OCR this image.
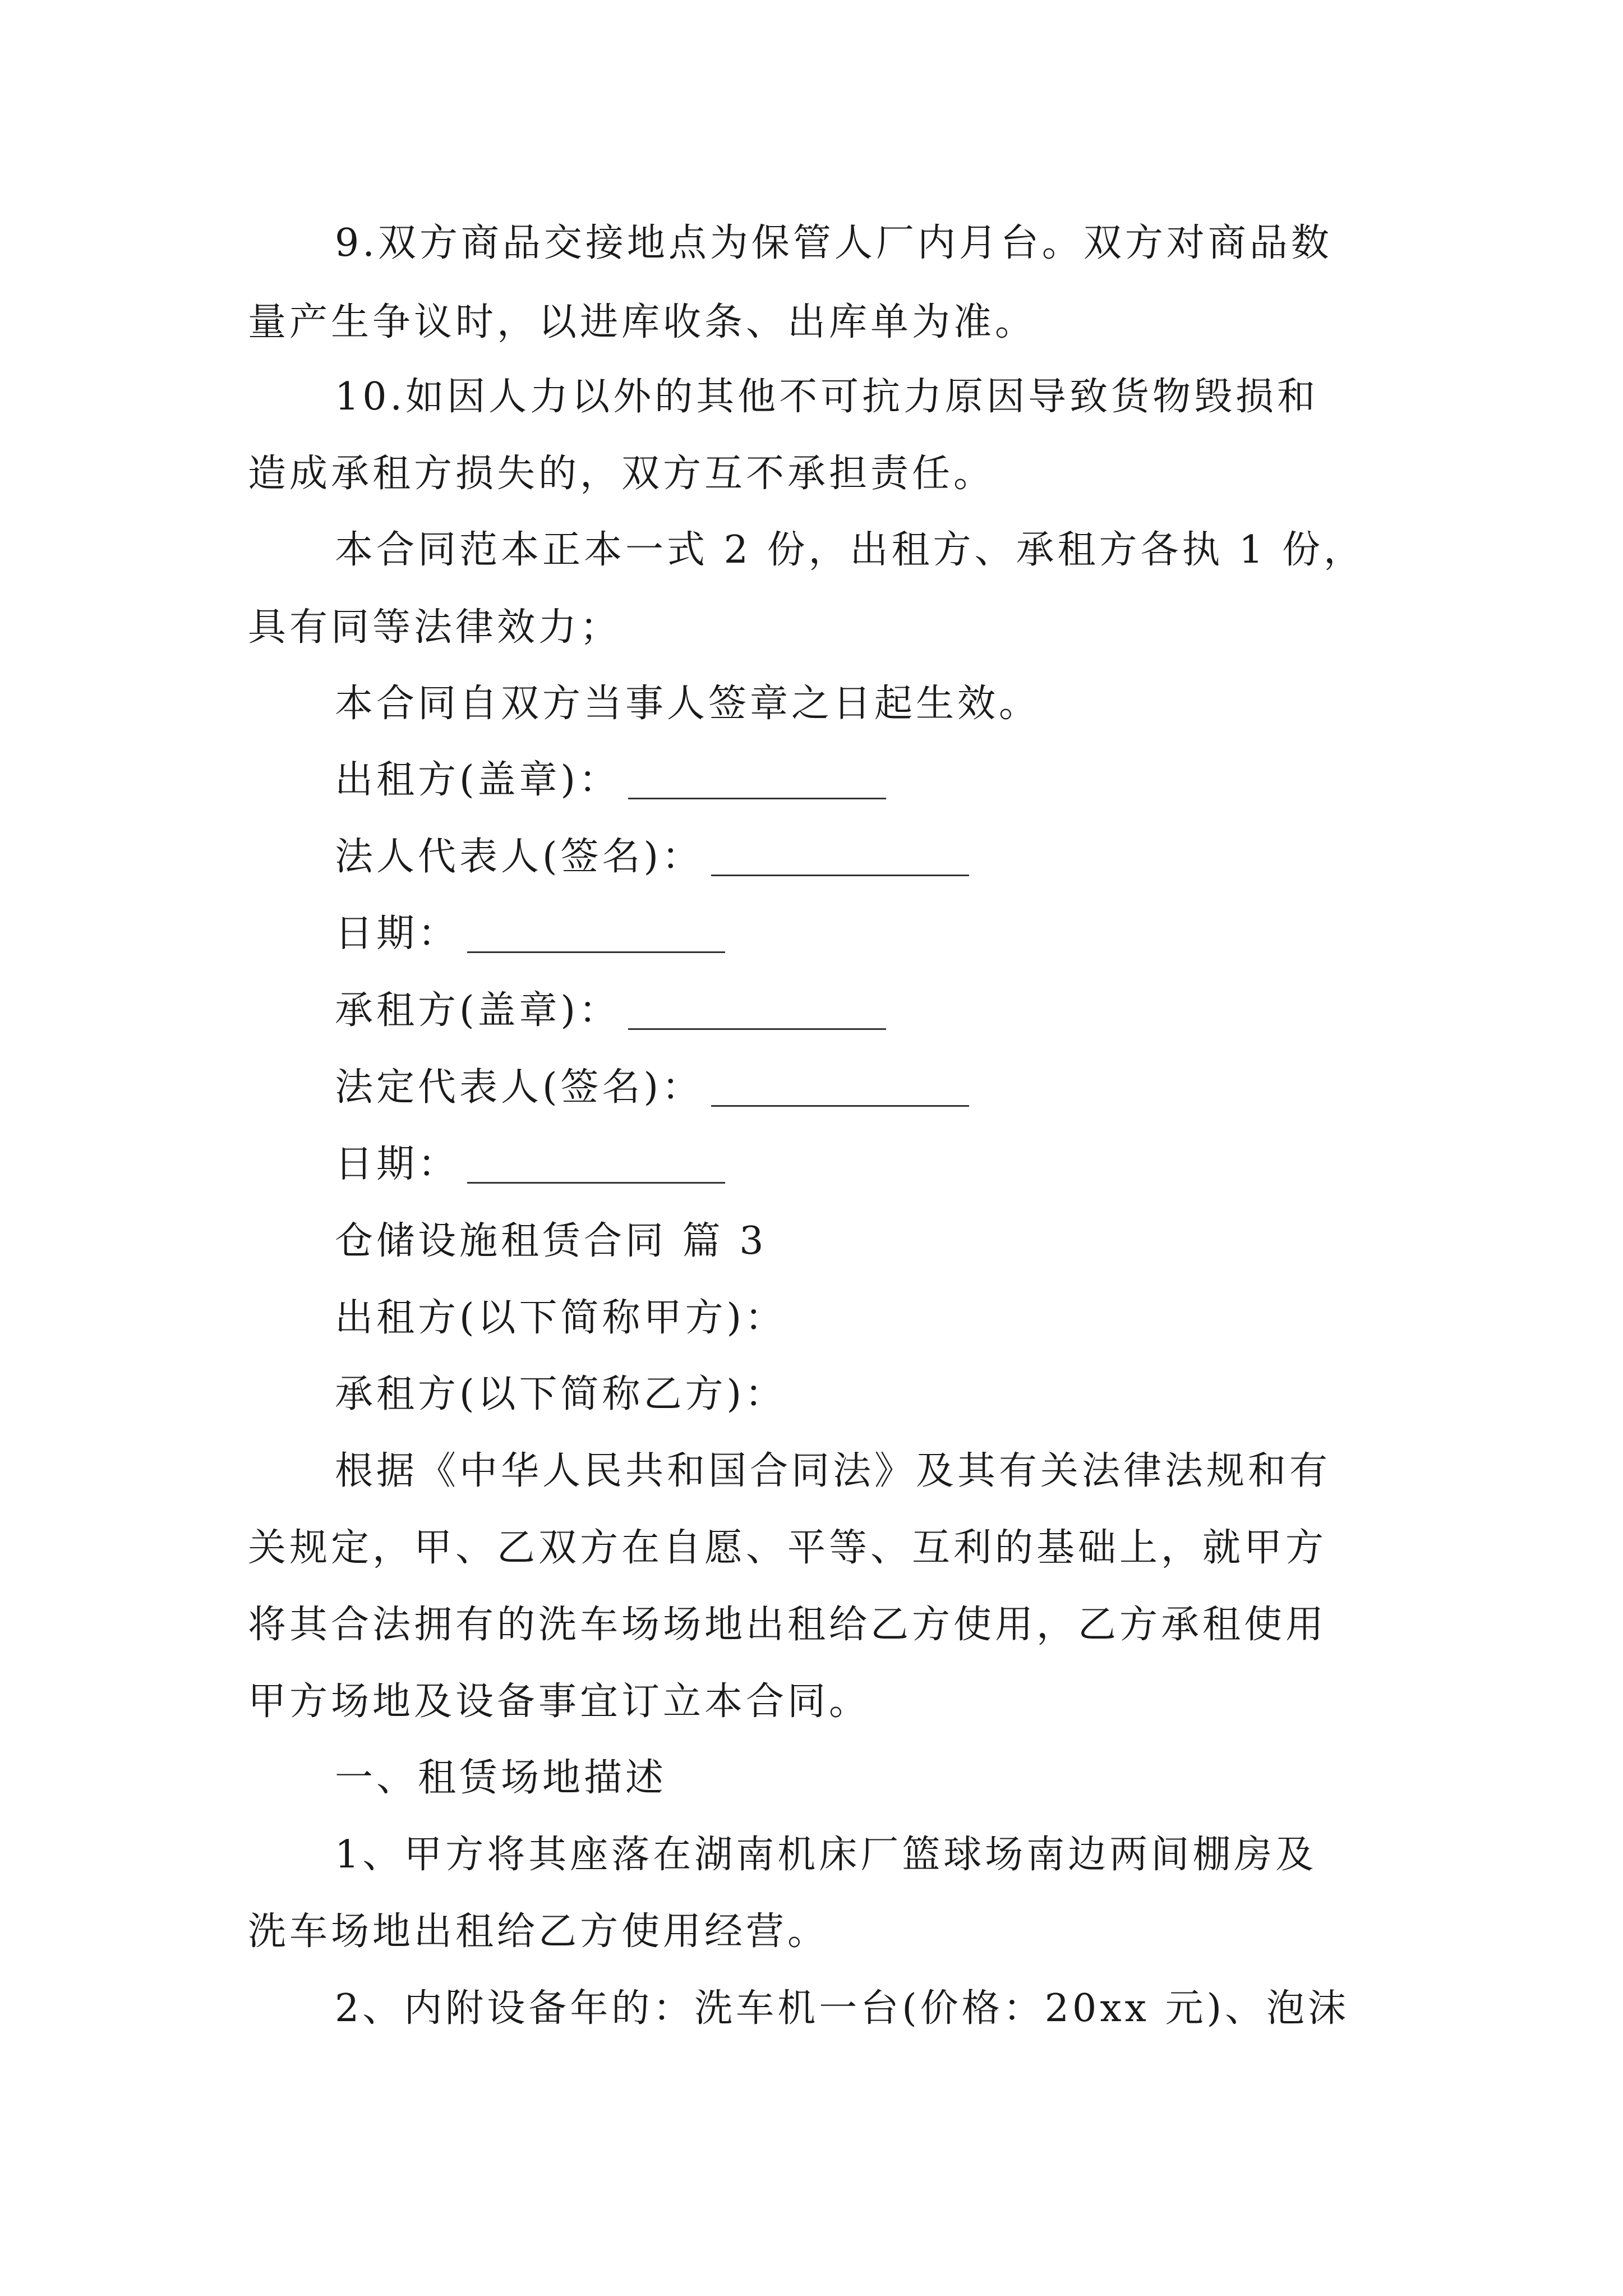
9.双方商品交接地点为保管人厂内月台。双方对商品数
量产生争议时，以进库收条、出库单为准。
10.如因人力以外的其他不可抗力原因导致货物毁损和
造成承租方损失的，双方互不承担责任。
本合同范本正本一式 2 份，出租方、承租方各执 1 份，
具有同等法律效力；
本合同自双方当事人签章之日起生效。
出租方(盖章)：
法人代表人(签名)：
日期：
承租方(盖章)：
法定代表人(签名)：
日期：
仓储设施租赁合同 篇 3
出租方(以下简称甲方)：
承租方(以下简称乙方)：
根据《中华人民共和国合同法》及其有关法律法规和有
关规定，甲、乙双方在自愿、平等、互利的基础上，就甲方
将其合法拥有的洗车场场地出租给乙方使用，乙方承租使用
甲方场地及设备事宜订立本合同。
一、租赁场地描述
1、甲方将其座落在湖南机床厂篮球场南边两间棚房及
洗车场地出租给乙方使用经营。
2、内附设备年的：洗车机一台(价格：20xx 元)、泡沫
